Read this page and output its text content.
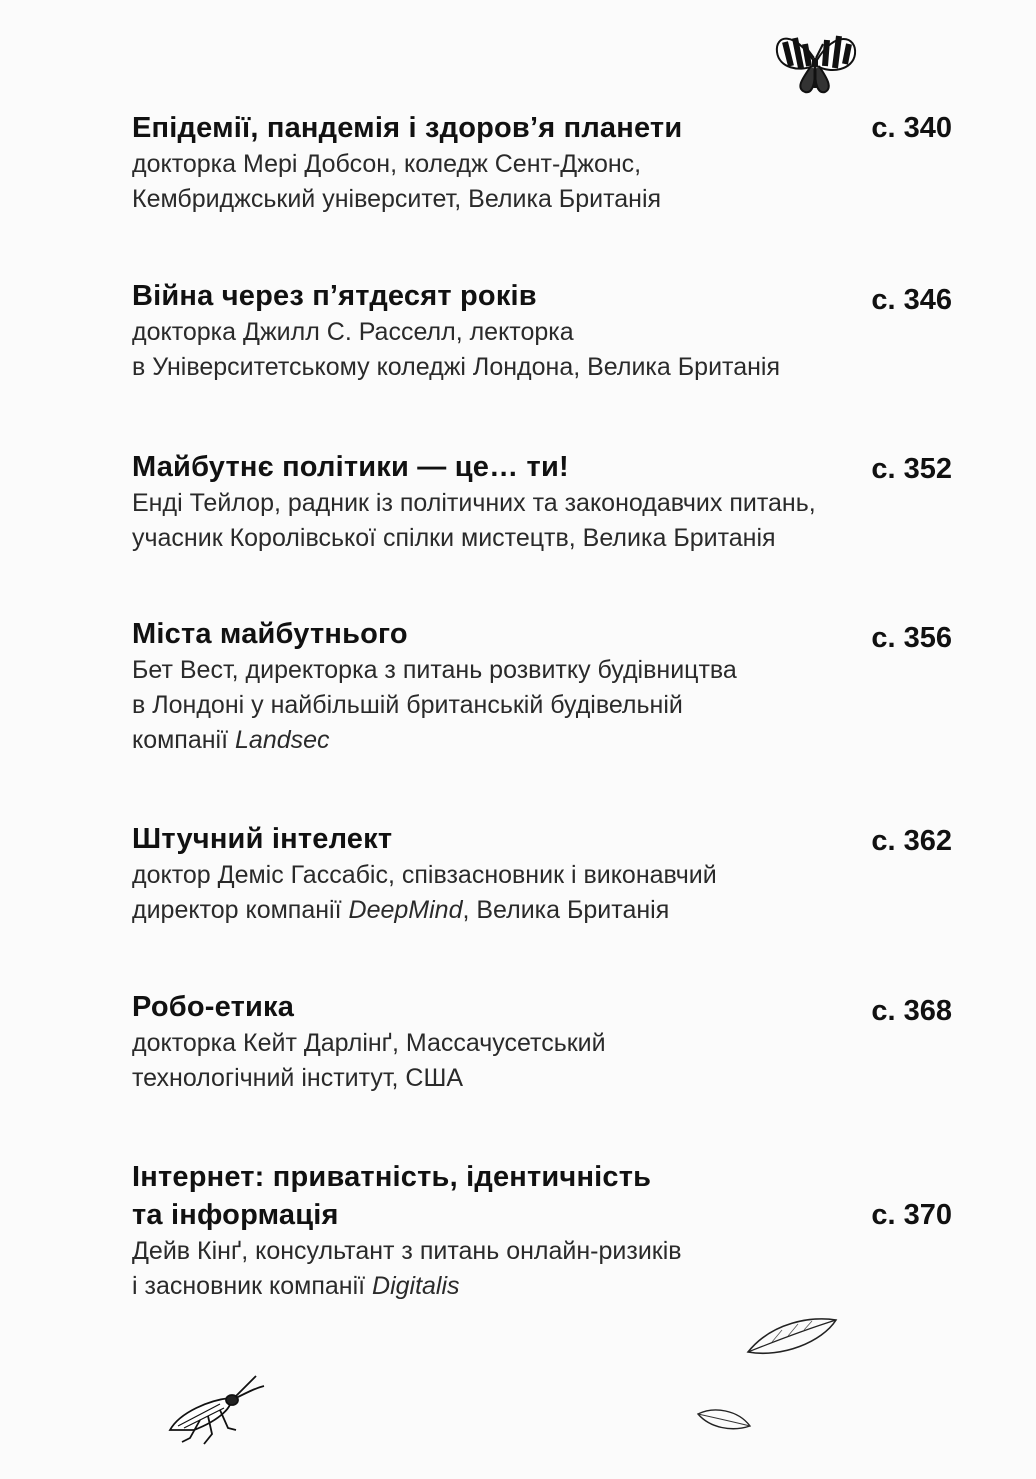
с. 340
Епідемії, пандемія і здоров’я планети
докторка Мері Добсон, коледж Сент-Джонс,
Кембриджський університет, Велика Британія
с. 346
Війна через п’ятдесят років
докторка Джилл С. Расселл, лекторка
в Університетському коледжі Лондона, Велика Британія
с. 352
Майбутнє політики — це… ти!
Енді Тейлор, радник із політичних та законодавчих питань,
учасник Королівської спілки мистецтв, Велика Британія
с. 356
Міста майбутнього
Бет Вест, директорка з питань розвитку будівництва
в Лондоні у найбільшій британській будівельній
компанії Landsec
с. 362
Штучний інтелект
доктор Деміс Гассабіс, співзасновник і виконавчий
директор компанії DeepMind, Велика Британія
с. 368
Робо-етика
докторка Кейт Дарлінґ, Массачусетський
технологічний інститут, США
с. 370
Інтернет: приватність, ідентичність
та інформація
Дейв Кінґ, консультант з питань онлайн-ризиків
і засновник компанії Digitalis
